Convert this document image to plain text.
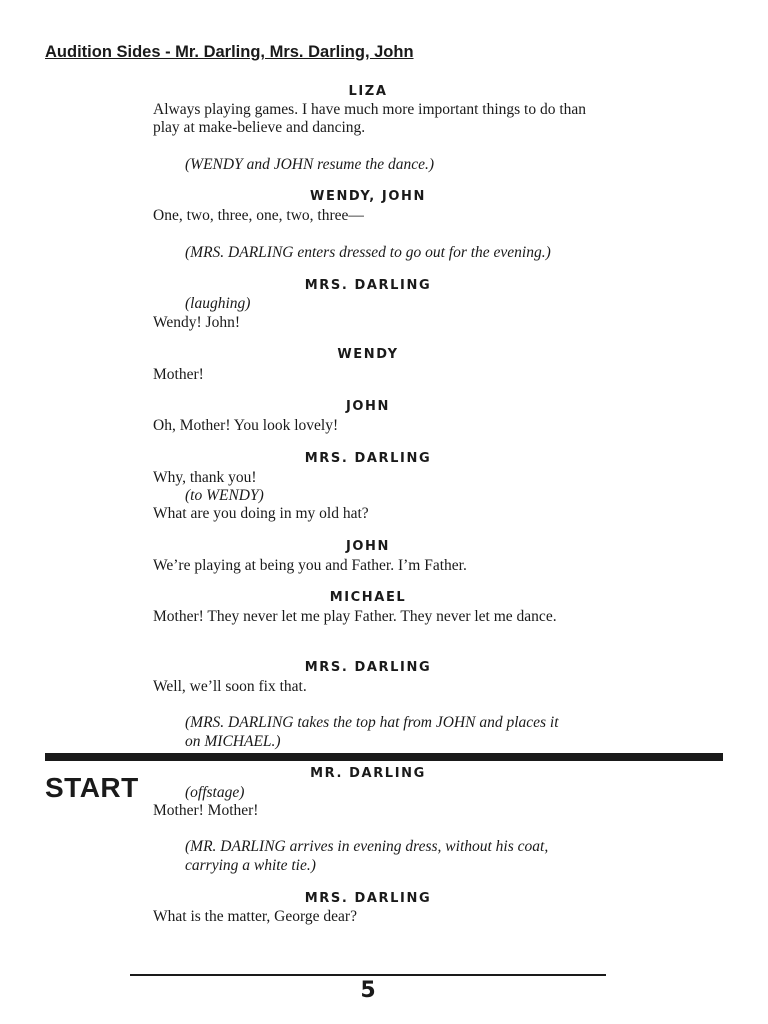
Audition Sides - Mr. Darling, Mrs. Darling, John
LIZA
Always playing games. I have much more important things to do than play at make-believe and dancing.
(WENDY and JOHN resume the dance.)
WENDY, JOHN
One, two, three, one, two, three—
(MRS. DARLING enters dressed to go out for the evening.)
MRS. DARLING
(laughing)
Wendy! John!
WENDY
Mother!
JOHN
Oh, Mother! You look lovely!
MRS. DARLING
Why, thank you!
(to WENDY)
What are you doing in my old hat?
JOHN
We’re playing at being you and Father. I’m Father.
MICHAEL
Mother! They never let me play Father. They never let me dance.
MRS. DARLING
Well, we’ll soon fix that.
(MRS. DARLING takes the top hat from JOHN and places it on MICHAEL.)
START	MR. DARLING
(offstage)
Mother! Mother!
(MR. DARLING arrives in evening dress, without his coat, carrying a white tie.)
MRS. DARLING
What is the matter, George dear?
5
